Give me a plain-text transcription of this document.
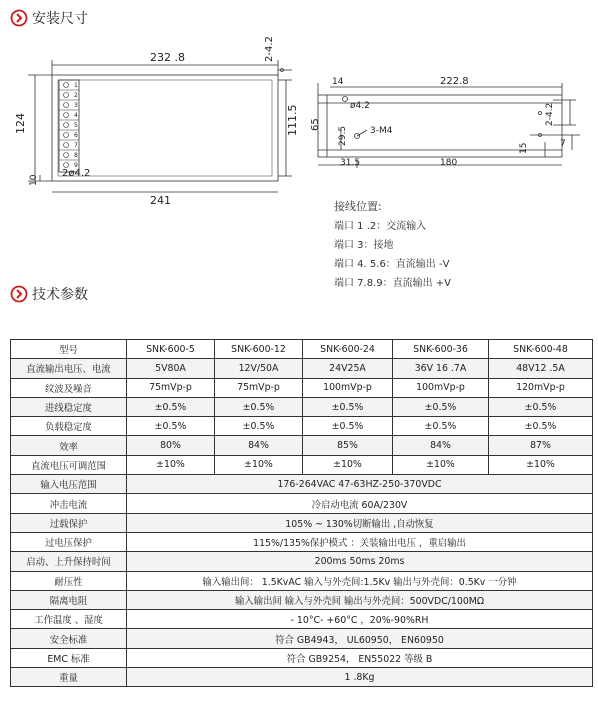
安装尺寸
1
2
3
4
5
6
7
8
9
232 .8
241
124	111.5
2-4.2
2ø4.2
10
14	222.8
ø4.2	2-4.2
65	3-M4
29.5
31.5	180
15	7
接线位置:
端口 1 .2：交流输入
端口 3：接地
端口 4. 5.6：直流输出 -V
端口 7.8.9：直流输出 +V
技术参数
型号	SNK-600-5	SNK-600-12	SNK-600-24	SNK-600-36	SNK-600-48
直流输出电压、电流	5V80A	12V/50A	24V25A	36V 16 .7A	48V12 .5A
纹波及噪音	75mVp-p	75mVp-p	100mVp-p	100mVp-p	120mVp-p
进线稳定度	±0.5%	±0.5%	±0.5%	±0.5%	±0.5%
负载稳定度	±0.5%	±0.5%	±0.5%	±0.5%	±0.5%
效率	80%	84%	85%	84%	87%
直流电压可调范围	±10%	±10%	±10%	±10%	±10%
输入电压范围	176-264VAC 47-63HZ-250-370VDC				
冲击电流	冷启动电流 60A/230V				
过载保护	105% ~ 130%切断输出 ,自动恢复				
过电压保护	115%/135%保护模式 ：关装输出电压 ，重启输出				
启动、上升保持时间	200ms 50ms 20ms				
耐压性	输入输出间： 1.5KvAC 输入与外壳间:1.5Kv 输出与外壳间：0.5Kv 一分钟				
隔离电阻	输入输出间 输入与外壳间 输出与外壳间：500VDC/100MΩ				
工作温度 、湿度	- 10°C- +60°C ，20%-90%RH				
安全标准	符合 GB4943， UL60950， EN60950				
EMC 标准	符合 GB9254， EN55022 等级 B				
重量	1 .8Kg				
